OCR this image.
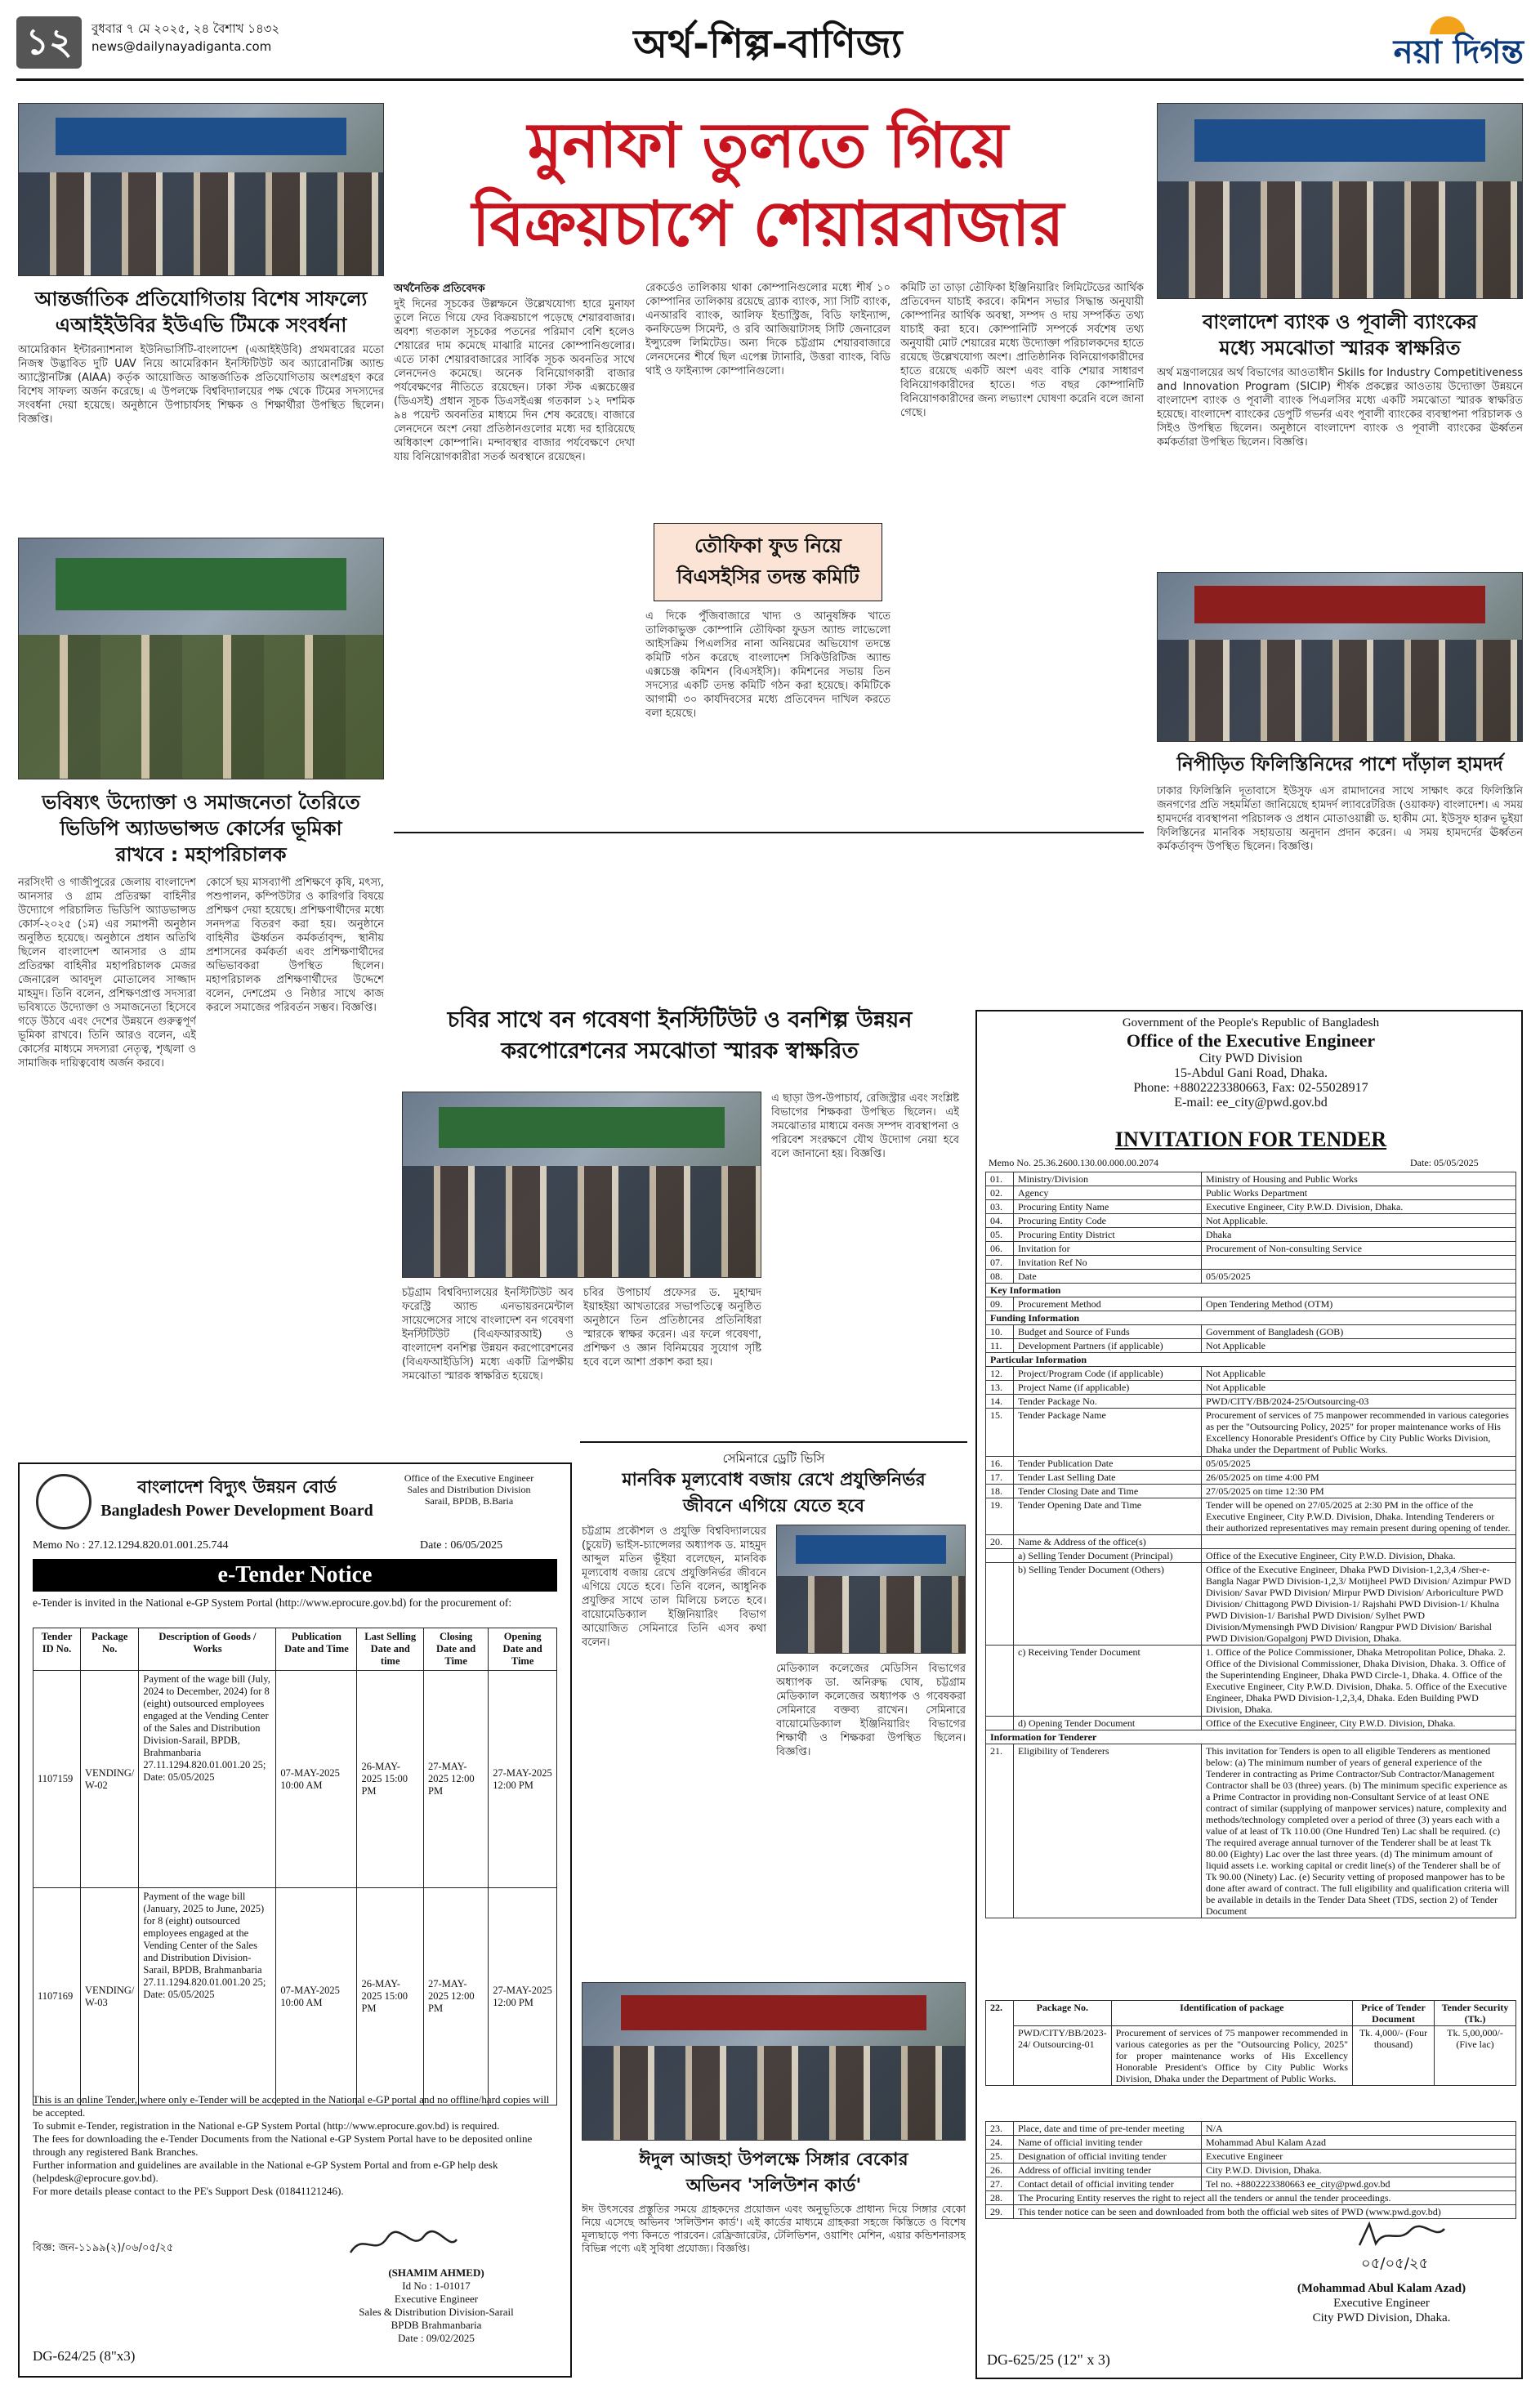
১২	বুধবার ৭ মে ২০২৫, ২৪ বৈশাখ ১৪৩২
news@dailynayadiganta.com	অর্থ-শিল্প-বাণিজ্য	নয়া দিগন্ত
আন্তর্জাতিক প্রতিযোগিতায় বিশেষ সাফল্যে
এআইইউবির ইউএভি টিমকে সংবর্ধনা
আমেরিকান ইন্টারন্যাশনাল ইউনিভার্সিটি-বাংলাদেশ (এআইইউবি) প্রথমবারের মতো নিজস্ব উদ্ভাবিত দুটি UAV নিয়ে আমেরিকান ইনস্টিটিউট অব অ্যারোনটিক্স অ্যান্ড অ্যাস্ট্রোনটিক্স (AIAA) কর্তৃক আয়োজিত আন্তর্জাতিক প্রতিযোগিতায় অংশগ্রহণ করে বিশেষ সাফল্য অর্জন করেছে। এ উপলক্ষে বিশ্ববিদ্যালয়ের পক্ষ থেকে টিমের সদস্যদের সংবর্ধনা দেয়া হয়েছে। অনুষ্ঠানে উপাচার্যসহ শিক্ষক ও শিক্ষার্থীরা উপস্থিত ছিলেন। বিজ্ঞপ্তি।
ভবিষ্যৎ উদ্যোক্তা ও সমাজনেতা তৈরিতে
ভিডিপি অ্যাডভান্সড কোর্সের ভূমিকা
রাখবে : মহাপরিচালক
নরসিংদী ও গাজীপুরের জেলায় বাংলাদেশ আনসার ও গ্রাম প্রতিরক্ষা বাহিনীর উদ্যোগে পরিচালিত ভিডিপি অ্যাডভান্সড কোর্স-২০২৫ (১ম) এর সমাপনী অনুষ্ঠান অনুষ্ঠিত হয়েছে। অনুষ্ঠানে প্রধান অতিথি ছিলেন বাংলাদেশ আনসার ও গ্রাম প্রতিরক্ষা বাহিনীর মহাপরিচালক মেজর জেনারেল আবদুল মোতালেব সাজ্জাদ মাহমুদ। তিনি বলেন, প্রশিক্ষণপ্রাপ্ত সদস্যরা ভবিষ্যতে উদ্যোক্তা ও সমাজনেতা হিসেবে গড়ে উঠবে এবং দেশের উন্নয়নে গুরুত্বপূর্ণ ভূমিকা রাখবে। তিনি আরও বলেন, এই কোর্সের মাধ্যমে সদস্যরা নেতৃত্ব, শৃঙ্খলা ও সামাজিক দায়িত্ববোধ অর্জন করবে।
কোর্সে ছয় মাসব্যাপী প্রশিক্ষণে কৃষি, মৎস্য, পশুপালন, কম্পিউটার ও কারিগরি বিষয়ে প্রশিক্ষণ দেয়া হয়েছে। প্রশিক্ষণার্থীদের মধ্যে সনদপত্র বিতরণ করা হয়। অনুষ্ঠানে বাহিনীর ঊর্ধ্বতন কর্মকর্তাবৃন্দ, স্থানীয় প্রশাসনের কর্মকর্তা এবং প্রশিক্ষণার্থীদের অভিভাবকরা উপস্থিত ছিলেন। মহাপরিচালক প্রশিক্ষণার্থীদের উদ্দেশে বলেন, দেশপ্রেম ও নিষ্ঠার সাথে কাজ করলে সমাজের পরিবর্তন সম্ভব। বিজ্ঞপ্তি।
মুনাফা তুলতে গিয়ে
বিক্রয়চাপে শেয়ারবাজার
অর্থনৈতিক প্রতিবেদক
দুই দিনের সূচকের উল্লম্ফনে উল্লেখযোগ্য হারে মুনাফা তুলে নিতে গিয়ে ফের বিক্রয়চাপে পড়েছে শেয়ারবাজার। অবশ্য গতকাল সূচকের পতনের পরিমাণ বেশি হলেও শেয়ারের দাম কমেছে মাঝারি মানের কোম্পানিগুলোর। এতে ঢাকা শেয়ারবাজারের সার্বিক সূচক অবনতির সাথে লেনদেনও কমেছে। অনেক বিনিয়োগকারী বাজার পর্যবেক্ষণের নীতিতে রয়েছেন। ঢাকা স্টক এক্সচেঞ্জের (ডিএসই) প্রধান সূচক ডিএসইএক্স গতকাল ১২ দশমিক ৯৪ পয়েন্ট অবনতির মাধ্যমে দিন শেষ করেছে। বাজারে লেনদেনে অংশ নেয়া প্রতিষ্ঠানগুলোর মধ্যে দর হারিয়েছে অধিকাংশ কোম্পানি। মন্দাবস্থার বাজার পর্যবেক্ষণে দেখা যায় বিনিয়োগকারীরা সতর্ক অবস্থানে রয়েছেন।
রেকর্ডেও তালিকায় থাকা কোম্পানিগুলোর মধ্যে শীর্ষ ১০ কোম্পানির তালিকায় রয়েছে ব্র্যাক ব্যাংক, স্যা সিটি ব্যাংক, এনআরবি ব্যাংক, আলিফ ইন্ডাস্ট্রিজ, বিডি ফাইন্যান্স, কনফিডেন্স সিমেন্ট, ও রবি আজিয়াটাসহ সিটি জেনারেল ইন্স্যুরেন্স লিমিটেড। অন্য দিকে চট্টগ্রাম শেয়ারবাজারে লেনদেনের শীর্ষে ছিল এপেক্স ট্যানারি, উত্তরা ব্যাংক, বিডি থাই ও ফাইন্যান্স কোম্পানিগুলো।
তৌফিকা ফুড নিয়ে
বিএসইসির তদন্ত কমিটি
এ দিকে পুঁজিবাজারে খাদ্য ও আনুষঙ্গিক খাতে তালিকাভুক্ত কোম্পানি তৌফিকা ফুডস অ্যান্ড লাভেলো আইসক্রিম পিএলসির নানা অনিয়মের অভিযোগ তদন্তে কমিটি গঠন করেছে বাংলাদেশ সিকিউরিটিজ অ্যান্ড এক্সচেঞ্জ কমিশন (বিএসইসি)। কমিশনের সভায় তিন সদস্যের একটি তদন্ত কমিটি গঠন করা হয়েছে। কমিটিকে আগামী ৩০ কার্যদিবসের মধ্যে প্রতিবেদন দাখিল করতে বলা হয়েছে।
কমিটি তা তাড়া তৌফিকা ইঞ্জিনিয়ারিং লিমিটেডের আর্থিক প্রতিবেদন যাচাই করবে। কমিশন সভার সিদ্ধান্ত অনুযায়ী কোম্পানির আর্থিক অবস্থা, সম্পদ ও দায় সম্পর্কিত তথ্য যাচাই করা হবে। কোম্পানিটি সম্পর্কে সর্বশেষ তথ্য অনুযায়ী মোট শেয়ারের মধ্যে উদ্যোক্তা পরিচালকদের হাতে রয়েছে উল্লেখযোগ্য অংশ। প্রাতিষ্ঠানিক বিনিয়োগকারীদের হাতে রয়েছে একটি অংশ এবং বাকি শেয়ার সাধারণ বিনিয়োগকারীদের হাতে। গত বছর কোম্পানিটি বিনিয়োগকারীদের জন্য লভ্যাংশ ঘোষণা করেনি বলে জানা গেছে।
বাংলাদেশ ব্যাংক ও পূবালী ব্যাংকের
মধ্যে সমঝোতা স্মারক স্বাক্ষরিত
অর্থ মন্ত্রণালয়ের অর্থ বিভাগের আওতাধীন Skills for Industry Competitiveness and Innovation Program (SICIP) শীর্ষক প্রকল্পের আওতায় উদ্যোক্তা উন্নয়নে বাংলাদেশ ব্যাংক ও পূবালী ব্যাংক পিএলসির মধ্যে একটি সমঝোতা স্মারক স্বাক্ষরিত হয়েছে। বাংলাদেশ ব্যাংকের ডেপুটি গভর্নর এবং পূবালী ব্যাংকের ব্যবস্থাপনা পরিচালক ও সিইও উপস্থিত ছিলেন। অনুষ্ঠানে বাংলাদেশ ব্যাংক ও পূবালী ব্যাংকের ঊর্ধ্বতন কর্মকর্তারা উপস্থিত ছিলেন। বিজ্ঞপ্তি।
নিপীড়িত ফিলিস্তিনিদের পাশে দাঁড়াল হামদর্দ
ঢাকার ফিলিস্তিনি দূতাবাসে ইউসুফ এস রামাদানের সাথে সাক্ষাৎ করে ফিলিস্তিনি জনগণের প্রতি সহমর্মিতা জানিয়েছে হামদর্দ ল্যাবরেটরিজ (ওয়াকফ) বাংলাদেশ। এ সময় হামদর্দের ব্যবস্থাপনা পরিচালক ও প্রধান মোতাওয়াল্লী ড. হাকীম মো. ইউসুফ হারুন ভূইয়া ফিলিস্তিনের মানবিক সহায়তায় অনুদান প্রদান করেন। এ সময় হামদর্দের ঊর্ধ্বতন কর্মকর্তাবৃন্দ উপস্থিত ছিলেন। বিজ্ঞপ্তি।
চবির সাথে বন গবেষণা ইনস্টিটিউট ও বনশিল্প উন্নয়ন
করপোরেশনের সমঝোতা স্মারক স্বাক্ষরিত
চট্টগ্রাম বিশ্ববিদ্যালয়ের ইনস্টিটিউট অব ফরেস্ট্রি অ্যান্ড এনভায়রনমেন্টাল সায়েন্সেসের সাথে বাংলাদেশ বন গবেষণা ইনস্টিটিউট (বিএফআরআই) ও বাংলাদেশ বনশিল্প উন্নয়ন করপোরেশনের (বিএফআইডিসি) মধ্যে একটি ত্রিপক্ষীয় সমঝোতা স্মারক স্বাক্ষরিত হয়েছে।
চবির উপাচার্য প্রফেসর ড. মুহাম্মদ ইয়াহইয়া আখতারের সভাপতিত্বে অনুষ্ঠিত অনুষ্ঠানে তিন প্রতিষ্ঠানের প্রতিনিধিরা স্মারকে স্বাক্ষর করেন। এর ফলে গবেষণা, প্রশিক্ষণ ও জ্ঞান বিনিময়ের সুযোগ সৃষ্টি হবে বলে আশা প্রকাশ করা হয়।
এ ছাড়া উপ-উপাচার্য, রেজিস্ট্রার এবং সংশ্লিষ্ট বিভাগের শিক্ষকরা উপস্থিত ছিলেন। এই সমঝোতার মাধ্যমে বনজ সম্পদ ব্যবস্থাপনা ও পরিবেশ সংরক্ষণে যৌথ উদ্যোগ নেয়া হবে বলে জানানো হয়। বিজ্ঞপ্তি।
সেমিনারে ড্রেটি ভিসি
মানবিক মূল্যবোধ বজায় রেখে প্রযুক্তিনির্ভর
জীবনে এগিয়ে যেতে হবে
চট্টগ্রাম প্রকৌশল ও প্রযুক্তি বিশ্ববিদ্যালয়ের (চুয়েট) ভাইস-চ্যান্সেলর অধ্যাপক ড. মাহমুদ আব্দুল মতিন ভূঁইয়া বলেছেন, মানবিক মূল্যবোধ বজায় রেখে প্রযুক্তিনির্ভর জীবনে এগিয়ে যেতে হবে। তিনি বলেন, আধুনিক প্রযুক্তির সাথে তাল মিলিয়ে চলতে হবে। বায়োমেডিক্যাল ইঞ্জিনিয়ারিং বিভাগ আয়োজিত সেমিনারে তিনি এসব কথা বলেন।
মেডিক্যাল কলেজের মেডিসিন বিভাগের অধ্যাপক ডা. অনিরুদ্ধ ঘোষ, চট্টগ্রাম মেডিক্যাল কলেজের অধ্যাপক ও গবেষকরা সেমিনারে বক্তব্য রাখেন। সেমিনারে বায়োমেডিক্যাল ইঞ্জিনিয়ারিং বিভাগের শিক্ষার্থী ও শিক্ষকরা উপস্থিত ছিলেন। বিজ্ঞপ্তি।
ঈদুল আজহা উপলক্ষে সিঙ্গার বেকোর
অভিনব 'সলিউশন কার্ড'
ঈদ উৎসবের প্রস্তুতির সময়ে গ্রাহকদের প্রয়োজন এবং অনুভূতিকে প্রাধান্য দিয়ে সিঙ্গার বেকো নিয়ে এসেছে অভিনব 'সলিউশন কার্ড'। এই কার্ডের মাধ্যমে গ্রাহকরা সহজে কিস্তিতে ও বিশেষ মূল্যছাড়ে পণ্য কিনতে পারবেন। রেফ্রিজারেটর, টেলিভিশন, ওয়াশিং মেশিন, এয়ার কন্ডিশনারসহ বিভিন্ন পণ্যে এই সুবিধা প্রযোজ্য। বিজ্ঞপ্তি।
বাংলাদেশ বিদ্যুৎ উন্নয়ন বোর্ড
Bangladesh Power Development Board
Office of the Executive Engineer
Sales and Distribution Division
Sarail, BPDB, B.Baria
Memo No : 27.12.1294.820.01.001.25.744	Date : 06/05/2025
e-Tender Notice
e-Tender is invited in the National e-GP System Portal (http://www.eprocure.gov.bd) for the procurement of:
Tender ID No.	Package No.	Description of Goods / Works	Publication Date and Time	Last Selling Date and time	Closing Date and Time	Opening Date and Time
1107159	VENDING/ W-02	Payment of the wage bill (July, 2024 to December, 2024) for 8 (eight) outsourced employees engaged at the Vending Center of the Sales and Distribution Division-Sarail, BPDB, Brahmanbaria 27.11.1294.820.01.001.20 25; Date: 05/05/2025	07-MAY-2025 10:00 AM	26-MAY-2025 15:00 PM	27-MAY-2025 12:00 PM	27-MAY-2025 12:00 PM
1107169	VENDING/ W-03	Payment of the wage bill (January, 2025 to June, 2025) for 8 (eight) outsourced employees engaged at the Vending Center of the Sales and Distribution Division-Sarail, BPDB, Brahmanbaria 27.11.1294.820.01.001.20 25; Date: 05/05/2025	07-MAY-2025 10:00 AM	26-MAY-2025 15:00 PM	27-MAY-2025 12:00 PM	27-MAY-2025 12:00 PM
This is an online Tender, where only e-Tender will be accepted in the National e-GP portal and no offline/hard copies will be accepted.
To submit e-Tender, registration in the National e-GP System Portal (http://www.eprocure.gov.bd) is required.
The fees for downloading the e-Tender Documents from the National e-GP System Portal have to be deposited online through any registered Bank Branches.
Further information and guidelines are available in the National e-GP System Portal and from e-GP help desk (helpdesk@eprocure.gov.bd).
For more details please contact to the PE's Support Desk (01841121246).
(SHAMIM AHMED)
Id No : 1-01017
Executive Engineer
Sales & Distribution Division-Sarail
BPDB Brahmanbaria
Date : 09/02/2025
বিজ্ঞ: জন-১১৯৯(২)/০৬/০৫/২৫
DG-624/25 (8"x3)
Government of the People's Republic of Bangladesh
Office of the Executive Engineer
City PWD Division
15-Abdul Gani Road, Dhaka.
Phone: +8802223380663, Fax: 02-55028917
E-mail: ee_city@pwd.gov.bd
INVITATION FOR TENDER
Memo No. 25.36.2600.130.00.000.00.2074	Date: 05/05/2025
01.	Ministry/Division	Ministry of Housing and Public Works
02.	Agency	Public Works Department
03.	Procuring Entity Name	Executive Engineer, City P.W.D. Division, Dhaka.
04.	Procuring Entity Code	Not Applicable.
05.	Procuring Entity District	Dhaka
06.	Invitation for	Procurement of Non-consulting Service
07.	Invitation Ref No	
08.	Date	05/05/2025
Key Information		
09.	Procurement Method	Open Tendering Method (OTM)
Funding Information		
10.	Budget and Source of Funds	Government of Bangladesh (GOB)
11.	Development Partners (if applicable)	Not Applicable
Particular Information		
12.	Project/Program Code (if applicable)	Not Applicable
13.	Project Name (if applicable)	Not Applicable
14.	Tender Package No.	PWD/CITY/BB/2024-25/Outsourcing-03
15.	Tender Package Name	Procurement of services of 75 manpower recommended in various categories as per the "Outsourcing Policy, 2025" for proper maintenance works of His Excellency Honorable President's Office by City Public Works Division, Dhaka under the Department of Public Works.
16.	Tender Publication Date	05/05/2025
17.	Tender Last Selling Date	26/05/2025 on time 4:00 PM
18.	Tender Closing Date and Time	27/05/2025 on time 12:30 PM
19.	Tender Opening Date and Time	Tender will be opened on 27/05/2025 at 2:30 PM in the office of the Executive Engineer, City P.W.D. Division, Dhaka. Intending Tenderers or their authorized representatives may remain present during opening of tender.
20.	Name & Address of the office(s)	
	a) Selling Tender Document (Principal)	Office of the Executive Engineer, City P.W.D. Division, Dhaka.
	b) Selling Tender Document (Others)	Office of the Executive Engineer, Dhaka PWD Division-1,2,3,4 /Sher-e-Bangla Nagar PWD Division-1,2,3/ Motijheel PWD Division/ Azimpur PWD Division/ Savar PWD Division/ Mirpur PWD Division/ Arboriculture PWD Division/ Chittagong PWD Division-1/ Rajshahi PWD Division-1/ Khulna PWD Division-1/ Barishal PWD Division/ Sylhet PWD Division/Mymensingh PWD Division/ Rangpur PWD Division/ Barishal PWD Division/Gopalgonj PWD Division, Dhaka.
	c) Receiving Tender Document	1. Office of the Police Commissioner, Dhaka Metropolitan Police, Dhaka. 2. Office of the Divisional Commissioner, Dhaka Division, Dhaka. 3. Office of the Superintending Engineer, Dhaka PWD Circle-1, Dhaka. 4. Office of the Executive Engineer, City P.W.D. Division, Dhaka. 5. Office of the Executive Engineer, Dhaka PWD Division-1,2,3,4, Dhaka. Eden Building PWD Division, Dhaka.
	d) Opening Tender Document	Office of the Executive Engineer, City P.W.D. Division, Dhaka.
Information for Tenderer		
21.	Eligibility of Tenderers	This invitation for Tenders is open to all eligible Tenderers as mentioned below: (a) The minimum number of years of general experience of the Tenderer in contracting as Prime Contractor/Sub Contractor/Management Contractor shall be 03 (three) years. (b) The minimum specific experience as a Prime Contractor in providing non-Consultant Service of at least ONE contract of similar (supplying of manpower services) nature, complexity and methods/technology completed over a period of three (3) years each with a value of at least of Tk 110.00 (One Hundred Ten) Lac shall be required. (c) The required average annual turnover of the Tenderer shall be at least Tk 80.00 (Eighty) Lac over the last three years. (d) The minimum amount of liquid assets i.e. working capital or credit line(s) of the Tenderer shall be of Tk 90.00 (Ninety) Lac. (e) Security vetting of proposed manpower has to be done after award of contract. The full eligibility and qualification criteria will be available in details in the Tender Data Sheet (TDS, section 2) of Tender Document
22.	Package No.	Identification of package	Price of Tender Document	Tender Security (Tk.)
	PWD/CITY/BB/2023-24/ Outsourcing-01	Procurement of services of 75 manpower recommended in various categories as per the "Outsourcing Policy, 2025" for proper maintenance works of His Excellency Honorable President's Office by City Public Works Division, Dhaka under the Department of Public Works.	Tk. 4,000/- (Four thousand)	Tk. 5,00,000/- (Five lac)
23.	Place, date and time of pre-tender meeting	N/A
24.	Name of official inviting tender	Mohammad Abul Kalam Azad
25.	Designation of official inviting tender	Executive Engineer
26.	Address of official inviting tender	City P.W.D. Division, Dhaka.
27.	Contact detail of official inviting tender	Tel no. +8802223380663 ee_city@pwd.gov.bd
28.	The Procuring Entity reserves the right to reject all the tenders or annul the tender proceedings.	
29.	This tender notice can be seen and downloaded from both the official web sites of PWD (www.pwd.gov.bd)	
০৫/০৫/২৫
(Mohammad Abul Kalam Azad)
Executive Engineer
City PWD Division, Dhaka.
DG-625/25 (12" x 3)
